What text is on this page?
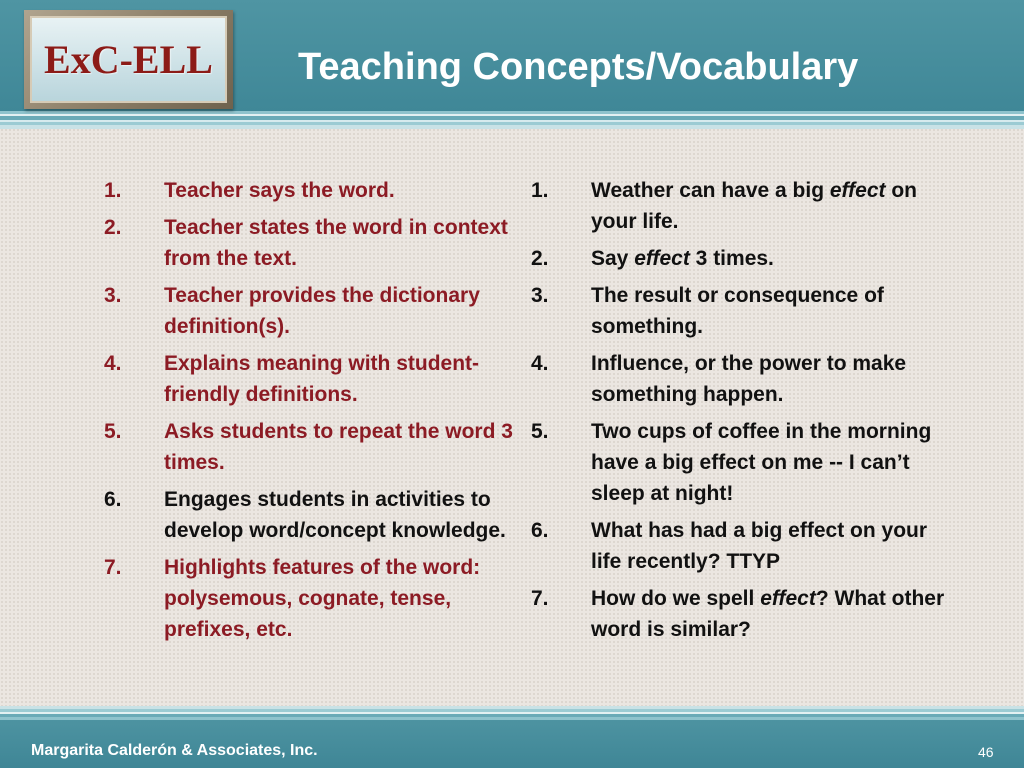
ExC-ELL Teaching Concepts/Vocabulary
1.	Teacher says the word.
2.	Teacher states the word in context from the text.
3.	Teacher provides the dictionary definition(s).
4.	Explains meaning with student-friendly definitions.
5.	Asks students to repeat the word 3 times.
6.	Engages students in activities to develop word/concept knowledge.
7.	Highlights features of the word: polysemous, cognate, tense, prefixes, etc.
1.	Weather can have a big effect on your life.
2.	Say effect 3 times.
3.	The result or consequence of something.
4.	Influence, or the power to make something happen.
5.	Two cups of coffee in the morning have a big effect on me -- I can’t sleep at night!
6.	What has had a big effect on your life recently? TTYP
7.	How do we spell effect? What other word is similar?
Margarita Calderón & Associates, Inc.	46
